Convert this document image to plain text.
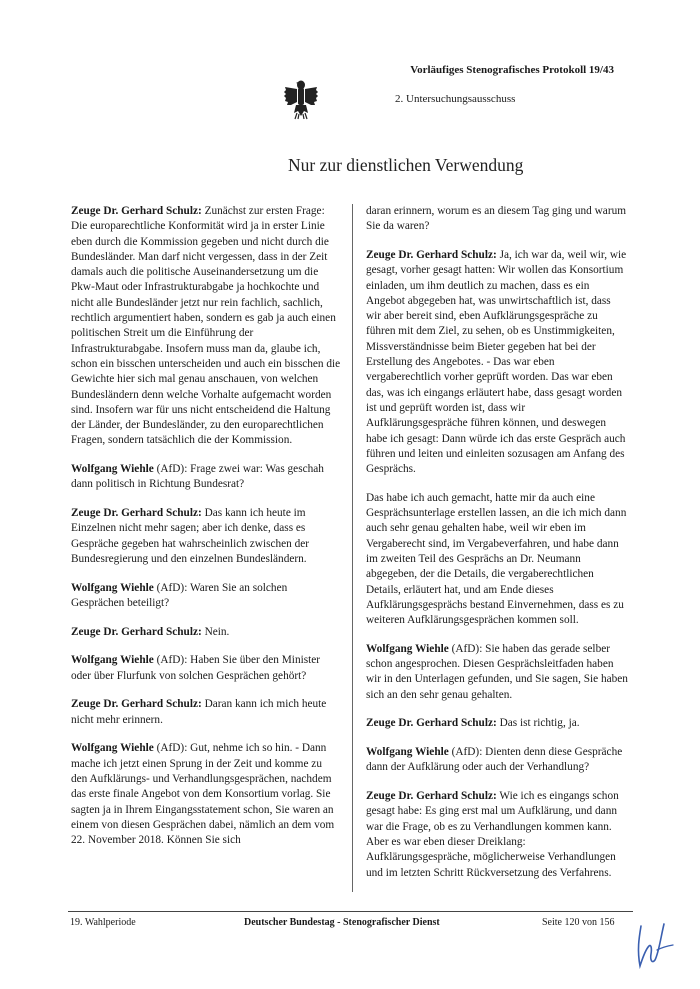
Vorläufiges Stenografisches Protokoll 19/43
2. Untersuchungsausschuss
Nur zur dienstlichen Verwendung

Zeuge Dr. Gerhard Schulz: Zunächst zur ersten Frage: Die europarechtliche Konformität wird ja in erster Linie eben durch die Kommission gegeben und nicht durch die Bundesländer. Man darf nicht vergessen, dass in der Zeit damals auch die politische Auseinandersetzung um die Pkw-Maut oder Infrastrukturabgabe ja hochkochte und nicht alle Bundesländer jetzt nur rein fachlich, sachlich, rechtlich argumentiert haben, sondern es gab ja auch einen politischen Streit um die Einführung der Infrastrukturabgabe. Insofern muss man da, glaube ich, schon ein bisschen unterscheiden und auch ein bisschen die Gewichte hier sich mal genau anschauen, von welchen Bundesländern denn welche Vorhalte aufgemacht worden sind. Insofern war für uns nicht entscheidend die Haltung der Länder, der Bundesländer, zu den europarechtlichen Fragen, sondern tatsächlich die der Kommission.

Wolfgang Wiehle (AfD): Frage zwei war: Was geschah dann politisch in Richtung Bundesrat?

Zeuge Dr. Gerhard Schulz: Das kann ich heute im Einzelnen nicht mehr sagen; aber ich denke, dass es Gespräche gegeben hat wahrscheinlich zwischen der Bundesregierung und den einzelnen Bundesländern.

Wolfgang Wiehle (AfD): Waren Sie an solchen Gesprächen beteiligt?

Zeuge Dr. Gerhard Schulz: Nein.

Wolfgang Wiehle (AfD): Haben Sie über den Minister oder über Flurfunk von solchen Gesprächen gehört?

Zeuge Dr. Gerhard Schulz: Daran kann ich mich heute nicht mehr erinnern.

Wolfgang Wiehle (AfD): Gut, nehme ich so hin. - Dann mache ich jetzt einen Sprung in der Zeit und komme zu den Aufklärungs- und Verhandlungsgesprächen, nachdem das erste finale Angebot von dem Konsortium vorlag. Sie sagten ja in Ihrem Eingangsstatement schon, Sie waren an einem von diesen Gesprächen dabei, nämlich an dem vom 22. November 2018. Können Sie sich

daran erinnern, worum es an diesem Tag ging und warum Sie da waren?

Zeuge Dr. Gerhard Schulz: Ja, ich war da, weil wir, wie gesagt, vorher gesagt hatten: Wir wollen das Konsortium einladen, um ihm deutlich zu machen, dass es ein Angebot abgegeben hat, was unwirtschaftlich ist, dass wir aber bereit sind, eben Aufklärungsgespräche zu führen mit dem Ziel, zu sehen, ob es Unstimmigkeiten, Missverständnisse beim Bieter gegeben hat bei der Erstellung des Angebotes. - Das war eben vergaberechtlich vorher geprüft worden. Das war eben das, was ich eingangs erläutert habe, dass gesagt worden ist und geprüft worden ist, dass wir Aufklärungsgespräche führen können, und deswegen habe ich gesagt: Dann würde ich das erste Gespräch auch führen und leiten und einleiten sozusagen am Anfang des Gesprächs.

Das habe ich auch gemacht, hatte mir da auch eine Gesprächsunterlage erstellen lassen, an die ich mich dann auch sehr genau gehalten habe, weil wir eben im Vergaberecht sind, im Vergabeverfahren, und habe dann im zweiten Teil des Gesprächs an Dr. Neumann abgegeben, der die Details, die vergaberechtlichen Details, erläutert hat, und am Ende dieses Aufklärungsgesprächs bestand Einvernehmen, dass es zu weiteren Aufklärungsgesprächen kommen soll.

Wolfgang Wiehle (AfD): Sie haben das gerade selber schon angesprochen. Diesen Gesprächsleitfaden haben wir in den Unterlagen gefunden, und Sie sagen, Sie haben sich an den sehr genau gehalten.

Zeuge Dr. Gerhard Schulz: Das ist richtig, ja.

Wolfgang Wiehle (AfD): Dienten denn diese Gespräche dann der Aufklärung oder auch der Verhandlung?

Zeuge Dr. Gerhard Schulz: Wie ich es eingangs schon gesagt habe: Es ging erst mal um Aufklärung, und dann war die Frage, ob es zu Verhandlungen kommen kann. Aber es war eben dieser Dreiklang: Aufklärungsgespräche, möglicherweise Verhandlungen und im letzten Schritt Rückversetzung des Verfahrens.

19. Wahlperiode	Deutscher Bundestag - Stenografischer Dienst	Seite 120 von 156
